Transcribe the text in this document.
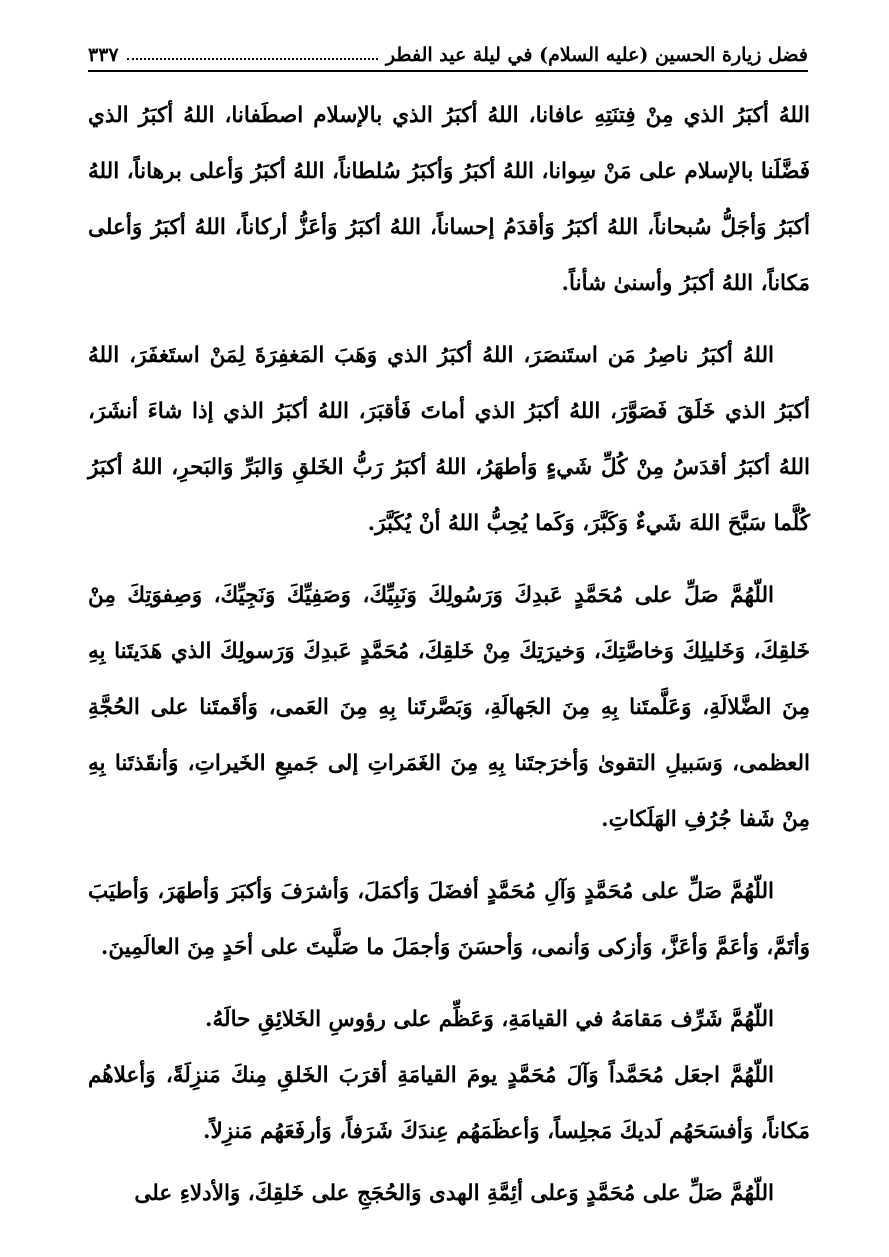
٣٣٧	فضل زيارة الحسين (عليه السلام) في ليلة عيد الفطر

اللهُ أكبَرُ الذي مِنْ فِتنَتِهِ عافانا، اللهُ أكبَرُ الذي بالإسلام اصطَفانا، اللهُ أكبَرُ الذي فَضَّلَنا بالإسلام على مَنْ سِوانا، اللهُ أكبَرُ وَأكبَرُ سُلطاناً، اللهُ أكبَرُ وَأعلى برهاناً، اللهُ أكبَرُ وَأجَلُّ سُبحاناً، اللهُ أكبَرُ وَأقدَمُ إحساناً، اللهُ أكبَرُ وَأعَزُّ أركاناً، اللهُ أكبَرُ وَأعلى مَكاناً، اللهُ أكبَرُ وأسنىٰ شأناً.

اللهُ أكبَرُ ناصِرُ مَن استَنصَرَ، اللهُ أكبَرُ الذي وَهَبَ المَغفِرَةَ لِمَنْ استَغفَرَ، اللهُ أكبَرُ الذي خَلَقَ فَصَوَّرَ، اللهُ أكبَرُ الذي أماتَ فَأقبَرَ، اللهُ أكبَرُ الذي إذا شاءَ أنشَرَ، اللهُ أكبَرُ أقدَسُ مِنْ كُلِّ شَيءٍ وَأطهَرُ، اللهُ أكبَرُ رَبُّ الخَلقِ وَالبَرِّ وَالبَحرِ، اللهُ أكبَرُ كُلَّما سَبَّحَ اللهَ شَيءٌ وَكَبَّرَ، وَكَما يُحِبُّ اللهُ أنْ يُكَبَّرَ.

اللّهُمَّ صَلِّ على مُحَمَّدٍ عَبدِكَ وَرَسُولِكَ وَنَبِيِّكَ، وَصَفِيِّكَ وَنَجِيِّكَ، وَصِفوَتِكَ مِنْ خَلقِكَ، وَخَليلِكَ وَخاصَّتِكَ، وَخيرَتِكَ مِنْ خَلقِكَ، مُحَمَّدٍ عَبدِكَ وَرَسولِكَ الذي هَدَيتَنا بِهِ مِنَ الضَّلالَةِ، وَعَلَّمتَنا بِهِ مِنَ الجَهالَةِ، وَبَصَّرتَنا بِهِ مِنَ العَمى، وَأقَمتَنا على الحُجَّةِ العظمى، وَسَبيلِ التقوىٰ وَأخرَجتَنا بِهِ مِنَ الغَمَراتِ إلى جَميعِ الخَيراتِ، وَأنقَذتَنا بِهِ مِنْ شَفا جُرُفِ الهَلَكاتِ.

اللّهُمَّ صَلِّ على مُحَمَّدٍ وَآلِ مُحَمَّدٍ أفضَلَ وَأكمَلَ، وَأشرَفَ وَأكبَرَ وَأطهَرَ، وَأطيَبَ وَأتَمَّ، وَأعَمَّ وَأعَزَّ، وَأزكى وَأنمى، وَأحسَنَ وَأجمَلَ ما صَلَّيتَ على أحَدٍ مِنَ العالَمِينَ.

اللّهُمَّ شَرِّف مَقامَهُ في القيامَةِ، وَعَظِّم على رؤوسِ الخَلائِقِ حالَهُ.

اللّهُمَّ اجعَل مُحَمَّداً وَآلَ مُحَمَّدٍ يومَ القيامَةِ أقرَبَ الخَلقِ مِنكَ مَنزِلَةً، وَأعلاهُم مَكاناً، وَأفسَحَهُم لَديكَ مَجلِساً، وَأعظَمَهُم عِندَكَ شَرَفاً، وَأرفَعَهُم مَنزِلاً.

اللّهُمَّ صَلِّ على مُحَمَّدٍ وَعلى أئِمَّةِ الهدى وَالحُجَجِ على خَلقِكَ، وَالأدلاءِ على
